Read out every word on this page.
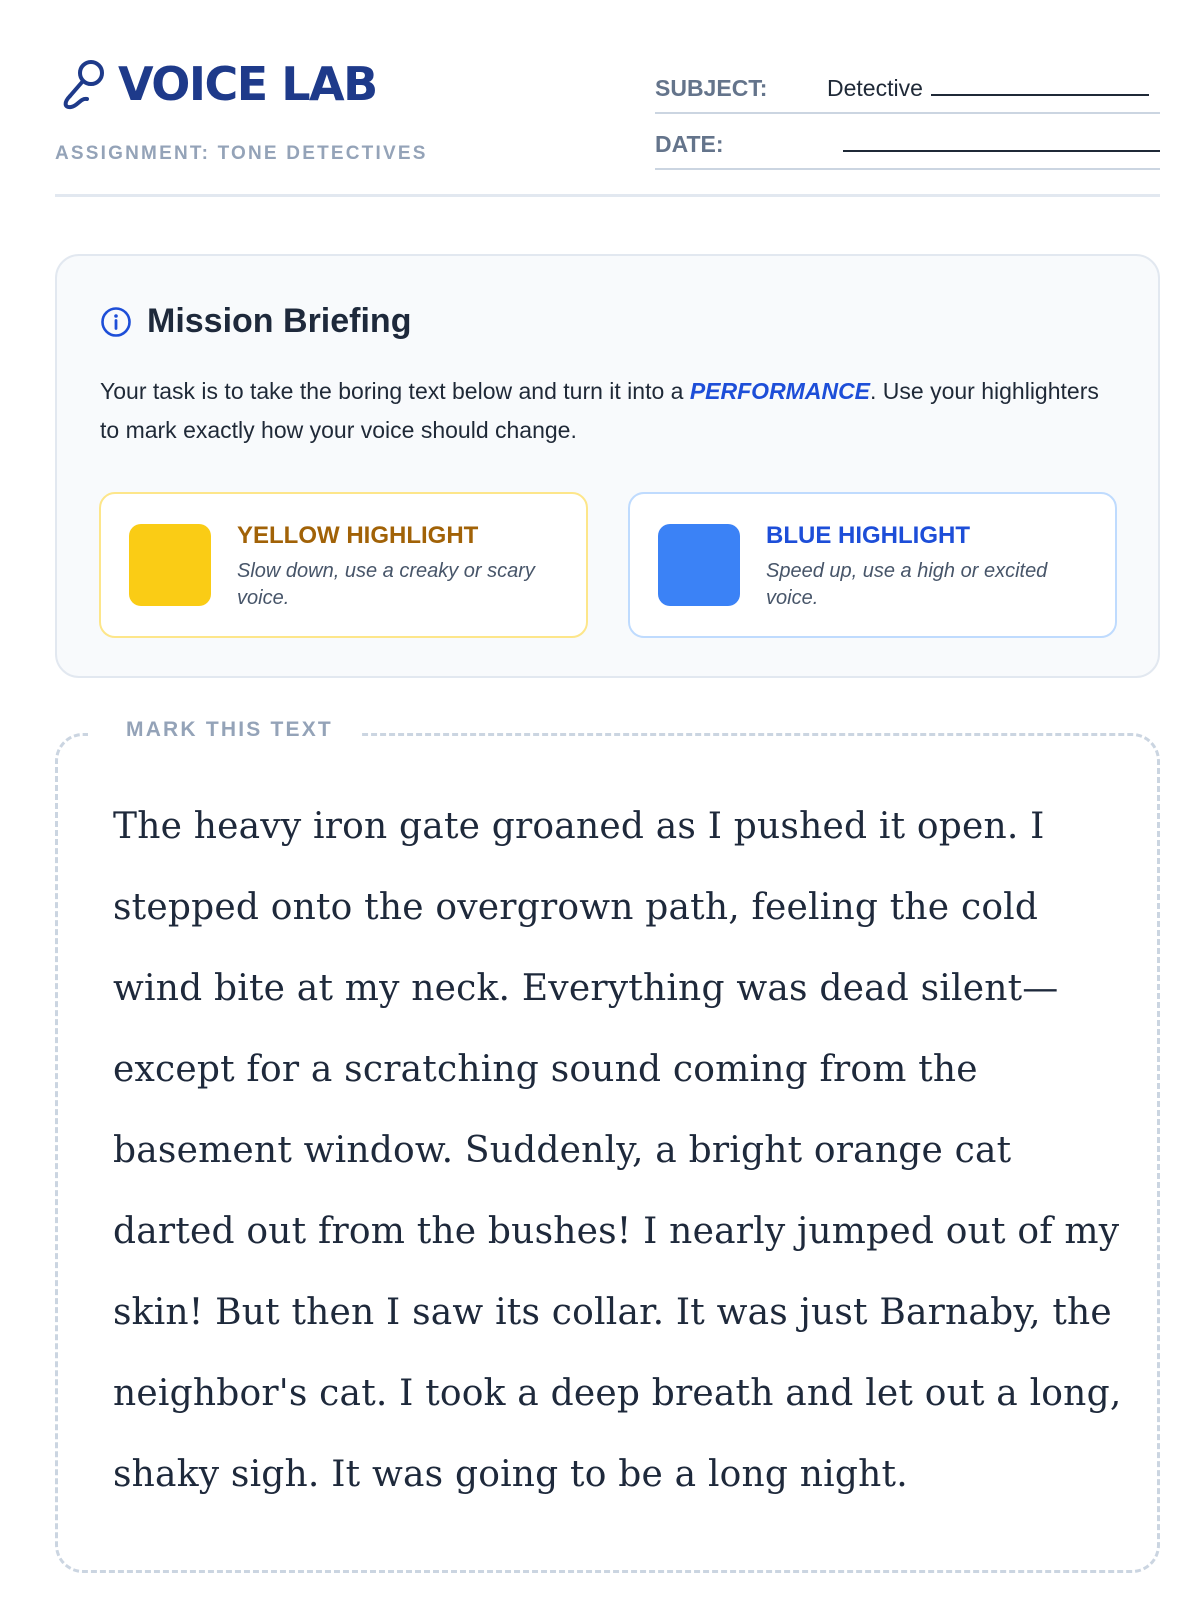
VOICE LAB
ASSIGNMENT: TONE DETECTIVES
SUBJECT:	Detective
DATE:
Mission Briefing

Your task is to take the boring text below and turn it into a PERFORMANCE. Use your highlighters to mark exactly how your voice should change.

YELLOW HIGHLIGHT
Slow down, use a creaky or scary voice.
BLUE HIGHLIGHT
Speed up, use a high or excited voice.
MARK THIS TEXT

The heavy iron gate groaned as I pushed it open. I stepped onto the overgrown path, feeling the cold wind bite at my neck. Everything was dead silent—except for a scratching sound coming from the basement window. Suddenly, a bright orange cat darted out from the bushes! I nearly jumped out of my skin! But then I saw its collar. It was just Barnaby, the neighbor's cat. I took a deep breath and let out a long, shaky sigh. It was going to be a long night.
